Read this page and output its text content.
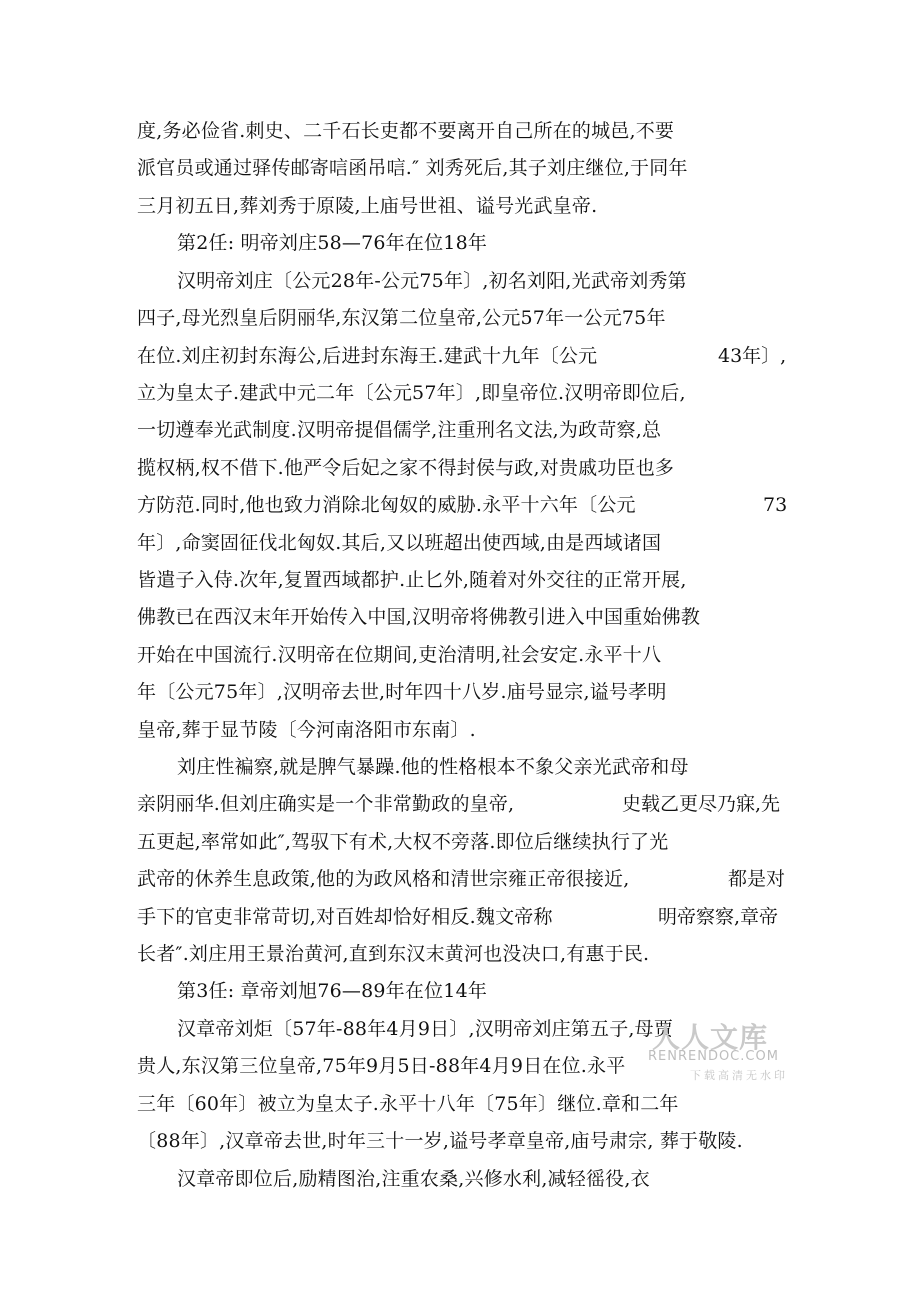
度,务必俭省.刺史、二千石长吏都不要离开自己所在的城邑,不要
派官员或通过驿传邮寄唁函吊唁.″ 刘秀死后,其子刘庄继位,于同年
三月初五日,葬刘秀于原陵,上庙号世祖、谥号光武皇帝.
第2任: 明帝刘庄58—76年在位18年
汉明帝刘庄〔公元28年-公元75年〕,初名刘阳,光武帝刘秀第
四子,母光烈皇后阴丽华,东汉第二位皇帝,公元57年一公元75年
在位.刘庄初封东海公,后进封东海王.建武十九年〔公元	43年〕,
立为皇太子.建武中元二年〔公元57年〕,即皇帝位.汉明帝即位后,
一切遵奉光武制度.汉明帝提倡儒学,注重刑名文法,为政苛察,总
揽权柄,权不借下.他严令后妃之家不得封侯与政,对贵戚功臣也多
方防范.同时,他也致力消除北匈奴的威胁.永平十六年〔公元	73
年〕,命窦固征伐北匈奴.其后,又以班超出使西域,由是西域诸国
皆遣子入侍.次年,复置西域都护.止匕外,随着对外交往的正常开展,
佛教已在西汉末年开始传入中国,汉明帝将佛教引进入中国重始佛教
开始在中国流行.汉明帝在位期间,吏治清明,社会安定.永平十八
年〔公元75年〕,汉明帝去世,时年四十八岁.庙号显宗,谥号孝明
皇帝,葬于显节陵〔今河南洛阳市东南〕.
刘庄性褊察,就是脾气暴躁.他的性格根本不象父亲光武帝和母
亲阴丽华.但刘庄确实是一个非常勤政的皇帝,	史载乙更尽乃寐,先
五更起,率常如此″,驾驭下有术,大权不旁落.即位后继续执行了光
武帝的休养生息政策,他的为政风格和清世宗雍正帝很接近,	都是对
手下的官吏非常苛切,对百姓却恰好相反.魏文帝称	明帝察察,章帝
长者″.刘庄用王景治黄河,直到东汉末黄河也没决口,有惠于民.
第3任: 章帝刘旭76—89年在位14年
汉章帝刘炬〔57年-88年4月9日〕,汉明帝刘庄第五子,母贾
贵人,东汉第三位皇帝,75年9月5日-88年4月9日在位.永平
三年〔60年〕被立为皇太子.永平十八年〔75年〕继位.章和二年
〔88年〕,汉章帝去世,时年三十一岁,谥号孝章皇帝,庙号肃宗, 葬于敬陵.
汉章帝即位后,励精图治,注重农桑,兴修水利,减轻徭役,衣
人人文库
RENRENDOC.COM
下载高清无水印
